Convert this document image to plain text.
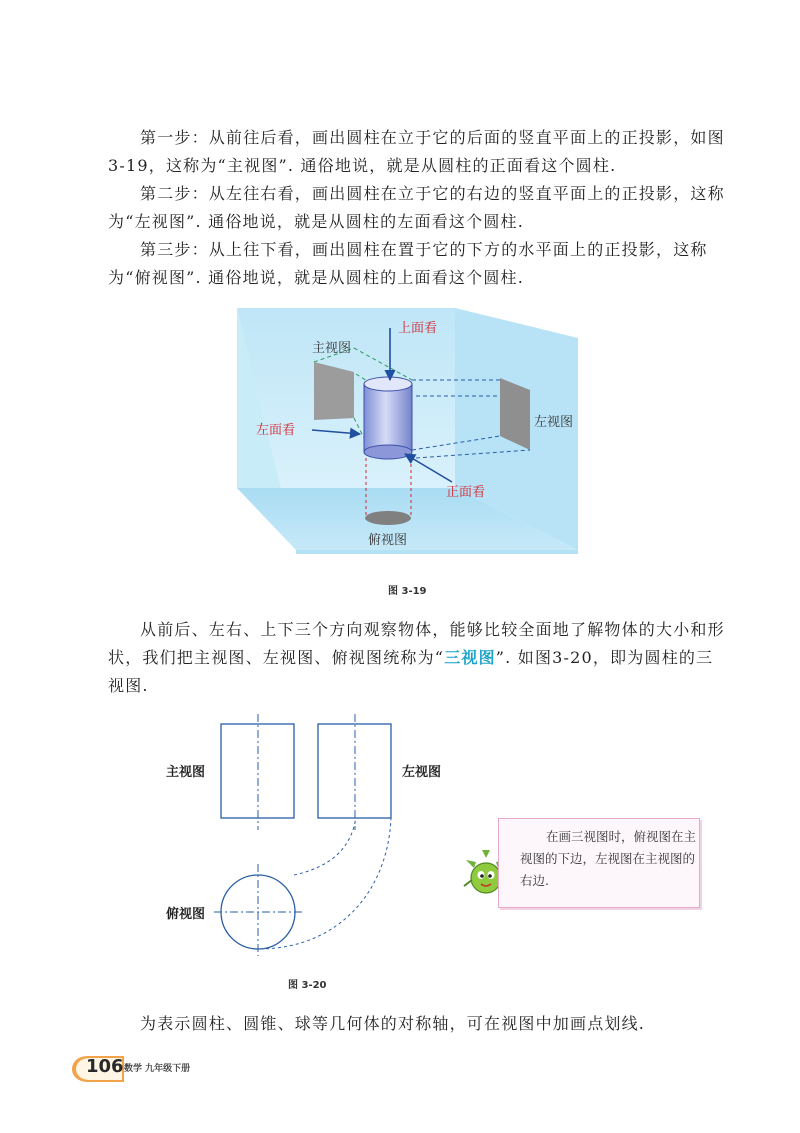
第一步：从前往后看，画出圆柱在立于它的后面的竖直平面上的正投影，如图 3-19，这称为“主视图”. 通俗地说，就是从圆柱的正面看这个圆柱.
第二步：从左往右看，画出圆柱在立于它的右边的竖直平面上的正投影，这称为“左视图”. 通俗地说，就是从圆柱的左面看这个圆柱.
第三步：从上往下看，画出圆柱在置于它的下方的水平面上的正投影，这称为“俯视图”. 通俗地说，就是从圆柱的上面看这个圆柱.
上面看
主视图
左面看
左视图
正面看
俯视图
图 3-19
从前后、左右、上下三个方向观察物体，能够比较全面地了解物体的大小和形状，我们把主视图、左视图、俯视图统称为“三视图”. 如图3-20，即为圆柱的三视图.
主视图	左视图
俯视图
图 3-20
在画三视图时，俯视图在主视图的下边，左视图在主视图的右边.
为表示圆柱、圆锥、球等几何体的对称轴，可在视图中加画点划线.
106 数学 九年级下册
